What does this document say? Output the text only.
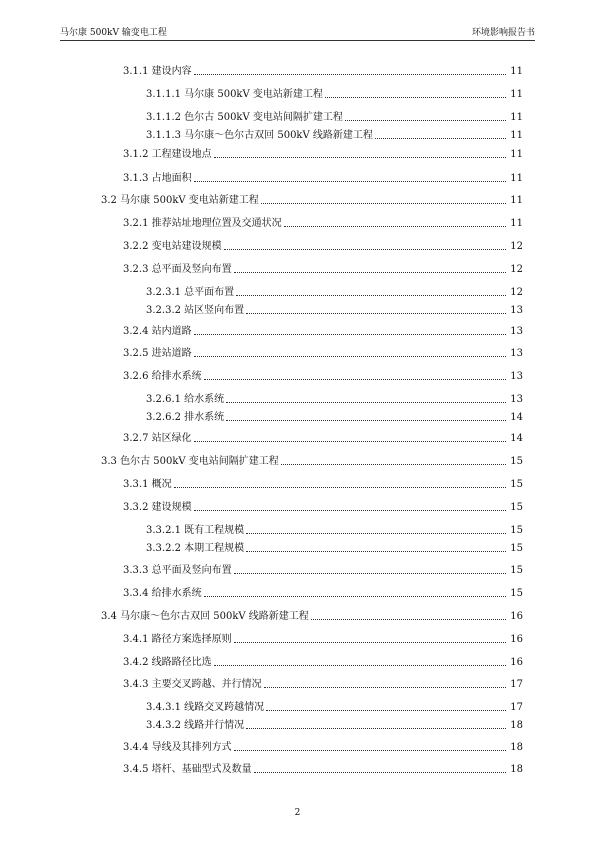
马尔康 500kV 输变电工程	环境影响报告书
3.1.1 建设内容	11
3.1.1.1 马尔康 500kV 变电站新建工程	11
3.1.1.2 色尔古 500kV 变电站间隔扩建工程	11
3.1.1.3 马尔康～色尔古双回 500kV 线路新建工程	11
3.1.2 工程建设地点	11
3.1.3 占地面积	11
3.2 马尔康 500kV 变电站新建工程	11
3.2.1 推荐站址地理位置及交通状况	11
3.2.2 变电站建设规模	12
3.2.3 总平面及竖向布置	12
3.2.3.1 总平面布置	12
3.2.3.2 站区竖向布置	13
3.2.4 站内道路	13
3.2.5 进站道路	13
3.2.6 给排水系统	13
3.2.6.1 给水系统	13
3.2.6.2 排水系统	14
3.2.7 站区绿化	14
3.3 色尔古 500kV 变电站间隔扩建工程	15
3.3.1 概况	15
3.3.2 建设规模	15
3.3.2.1 既有工程规模	15
3.3.2.2 本期工程规模	15
3.3.3 总平面及竖向布置	15
3.3.4 给排水系统	15
3.4 马尔康～色尔古双回 500kV 线路新建工程	16
3.4.1 路径方案选择原则	16
3.4.2 线路路径比选	16
3.4.3 主要交叉跨越、并行情况	17
3.4.3.1 线路交叉跨越情况	17
3.4.3.2 线路并行情况	18
3.4.4 导线及其排列方式	18
3.4.5 塔杆、基础型式及数量	18
2
